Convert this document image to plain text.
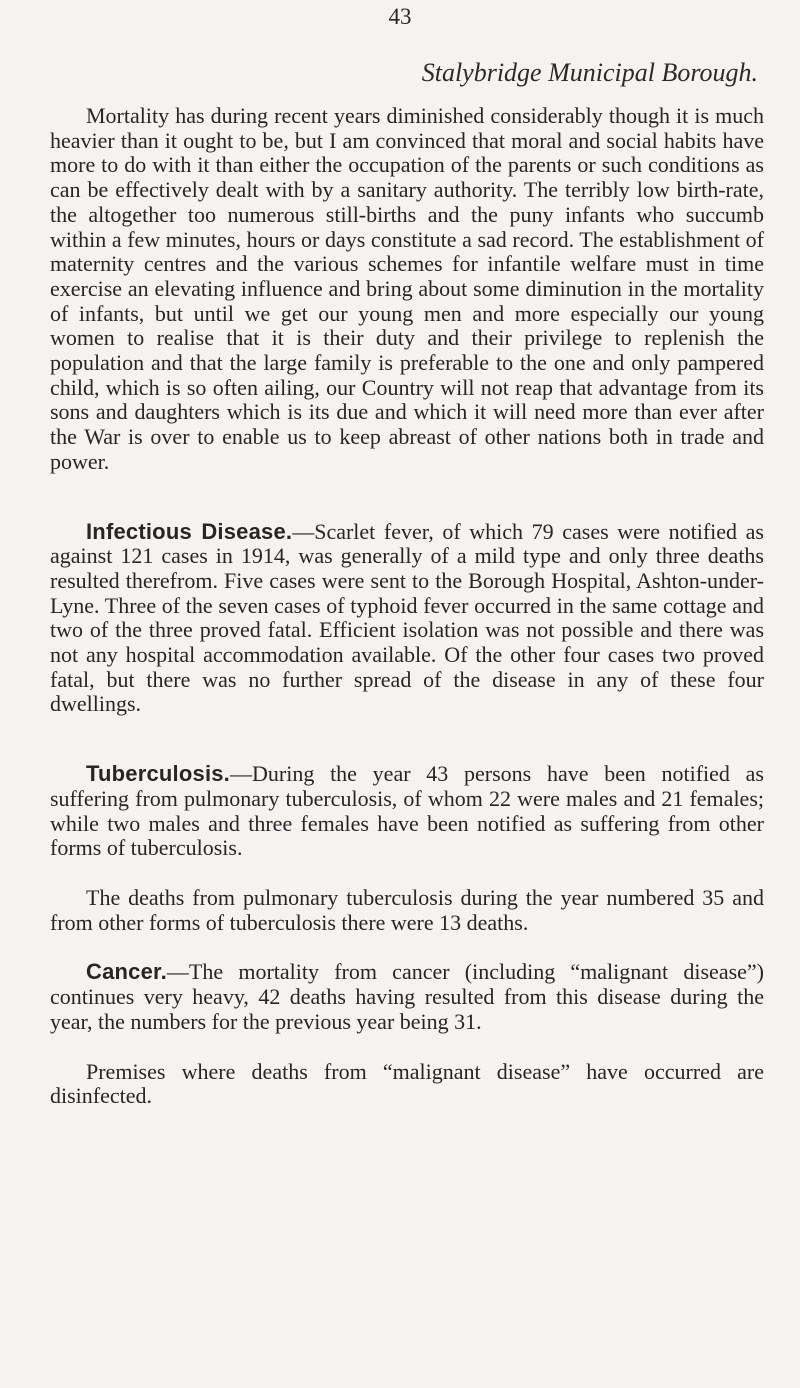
43
Stalybridge Municipal Borough.

Mortality has during recent years diminished considerably though it is much heavier than it ought to be, but I am convinced that moral and social habits have more to do with it than either the occupation of the parents or such conditions as can be effectively dealt with by a sanitary authority. The terribly low birth-rate, the altogether too numerous still-births and the puny infants who succumb within a few minutes, hours or days constitute a sad record. The establishment of maternity centres and the various schemes for infantile welfare must in time exercise an elevating influence and bring about some diminution in the mortality of infants, but until we get our young men and more especially our young women to realise that it is their duty and their privilege to replenish the population and that the large family is preferable to the one and only pampered child, which is so often ailing, our Country will not reap that advantage from its sons and daughters which is its due and which it will need more than ever after the War is over to enable us to keep abreast of other nations both in trade and power.

Infectious Disease.—Scarlet fever, of which 79 cases were notified as against 121 cases in 1914, was generally of a mild type and only three deaths resulted therefrom. Five cases were sent to the Borough Hospital, Ashton-under-Lyne. Three of the seven cases of typhoid fever occurred in the same cottage and two of the three proved fatal. Efficient isolation was not possible and there was not any hospital accommodation available. Of the other four cases two proved fatal, but there was no further spread of the disease in any of these four dwellings.

Tuberculosis.—During the year 43 persons have been notified as suffering from pulmonary tuberculosis, of whom 22 were males and 21 females; while two males and three females have been notified as suffering from other forms of tuberculosis.

The deaths from pulmonary tuberculosis during the year numbered 35 and from other forms of tuberculosis there were 13 deaths.

Cancer.—The mortality from cancer (including “malignant disease”) continues very heavy, 42 deaths having resulted from this disease during the year, the numbers for the previous year being 31.

Premises where deaths from “malignant disease” have occurred are disinfected.
